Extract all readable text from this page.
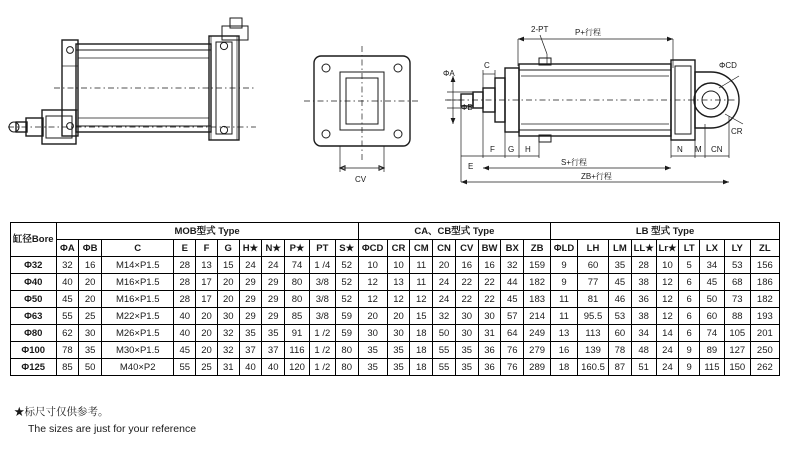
CV
P+行程
2-PT
ΦA
ΦB
C	ΦCD
CR
E
F G H	N M CN
S+行程
ZB+行程
缸径Bore	MOB型式 Type											CA、CB型式 Type								LB 型式 Type								
	ΦA	ΦB	C	E	F	G	H★	N★	P★	PT	S★	ΦCD	CR	CM	CN	CV	BW	BX	ZB	ΦLD	LH	LM	LL★	Lr★	LT	LX	LY	ZL
Φ32	32	16	M14×P1.5	28	13	15	24	24	74	1 /4	52	10	10	11	20	16	16	32	159	9	60	35	28	10	5	34	53	156
Φ40	40	20	M16×P1.5	28	17	20	29	29	80	3/8	52	12	13	11	24	22	22	44	182	9	77	45	38	12	6	45	68	186
Φ50	45	20	M16×P1.5	28	17	20	29	29	80	3/8	52	12	12	12	24	22	22	45	183	11	81	46	36	12	6	50	73	182
Φ63	55	25	M22×P1.5	40	20	30	29	29	85	3/8	59	20	20	15	32	30	30	57	214	11	95.5	53	38	12	6	60	88	193
Φ80	62	30	M26×P1.5	40	20	32	35	35	91	1 /2	59	30	30	18	50	30	31	64	249	13	113	60	34	14	6	74	105	201
Φ100	78	35	M30×P1.5	45	20	32	37	37	116	1 /2	80	35	35	18	55	35	36	76	279	16	139	78	48	24	9	89	127	250
Φ125	85	50	M40×P2	55	25	31	40	40	120	1 /2	80	35	35	18	55	35	36	76	289	18	160.5	87	51	24	9	115	150	262
★标尺寸仅供参考。
The sizes are just for your reference
